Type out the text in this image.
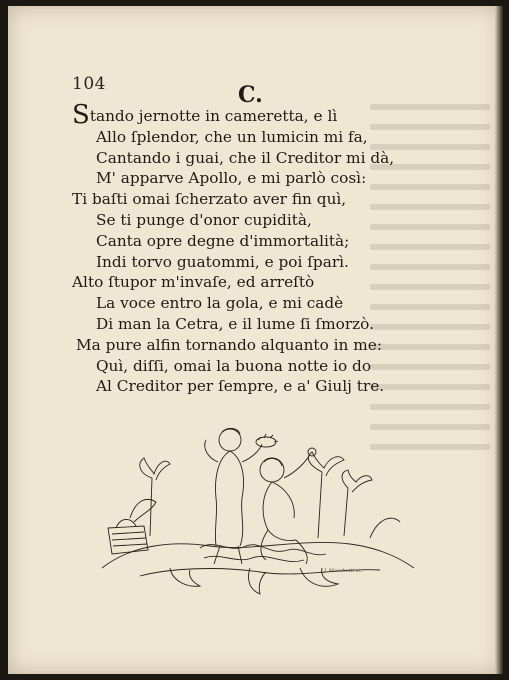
104	C.
Stando jernotte in cameretta, e lì
Allo ſplendor, che un lumicin mi fa,
Cantando i guai, che il Creditor mi dà,
M' apparve Apollo, e mi parlò così:
Ti baſti omai ſcherzato aver fin quì,
Se ti punge d'onor cupidità,
Canta opre degne d'immortalità;
Indi torvo guatommi, e poi ſparì.
Alto ſtupor m'invaſe, ed arreſtò
La voce entro la gola, e mi cadè
Di man la Cetra, e il lume ſi ſmorzò.
Ma pure alfin tornando alquanto in me:
Quì, diſſi, omai la buona notte io do
Al Creditor per ſempre, e a' Giulj tre.
J. Mocchetti sc.
